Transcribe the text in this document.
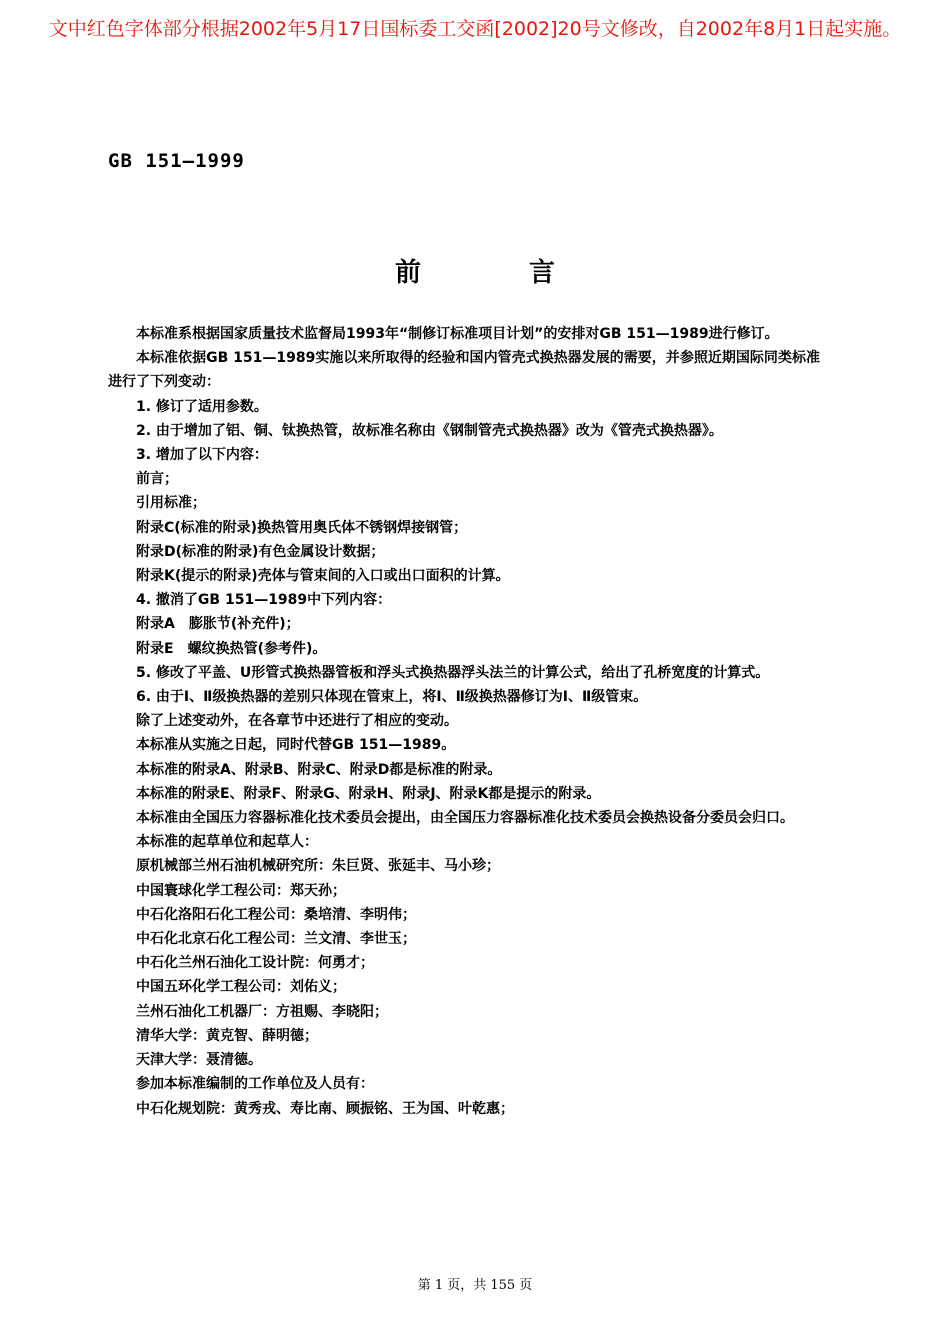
文中红色字体部分根据2002年5月17日国标委工交函[2002]20号文修改，自2002年8月1日起实施。
GB 151—1999
前	言

本标准系根据国家质量技术监督局1993年“制修订标准项目计划”的安排对GB 151—1989进行修订。

本标准依据GB 151—1989实施以来所取得的经验和国内管壳式换热器发展的需要，并参照近期国际同类标准进行了下列变动：

1. 修订了适用参数。

2. 由于增加了铝、铜、钛换热管，故标准名称由《钢制管壳式换热器》改为《管壳式换热器》。

3. 增加了以下内容：

前言；

引用标准；

附录C(标准的附录)换热管用奥氏体不锈钢焊接钢管；

附录D(标准的附录)有色金属设计数据；

附录K(提示的附录)壳体与管束间的入口或出口面积的计算。

4. 撤消了GB 151—1989中下列内容：

附录A　膨胀节(补充件)；

附录E　螺纹换热管(参考件)。

5. 修改了平盖、U形管式换热器管板和浮头式换热器浮头法兰的计算公式，给出了孔桥宽度的计算式。

6. 由于Ⅰ、Ⅱ级换热器的差别只体现在管束上，将Ⅰ、Ⅱ级换热器修订为Ⅰ、Ⅱ级管束。

除了上述变动外，在各章节中还进行了相应的变动。

本标准从实施之日起，同时代替GB 151—1989。

本标准的附录A、附录B、附录C、附录D都是标准的附录。

本标准的附录E、附录F、附录G、附录H、附录J、附录K都是提示的附录。

本标准由全国压力容器标准化技术委员会提出，由全国压力容器标准化技术委员会换热设备分委员会归口。

本标准的起草单位和起草人：

原机械部兰州石油机械研究所：朱巨贤、张延丰、马小珍；

中国寰球化学工程公司：郑天孙；

中石化洛阳石化工程公司：桑培清、李明伟；

中石化北京石化工程公司：兰文清、李世玉；

中石化兰州石油化工设计院：何勇才；

中国五环化学工程公司：刘佑义；

兰州石油化工机器厂：方祖赐、李晓阳；

清华大学：黄克智、薛明德；

天津大学：聂清德。

参加本标准编制的工作单位及人员有：

中石化规划院：黄秀戎、寿比南、顾振铭、王为国、叶乾惠；

第 1 页，共 155 页
